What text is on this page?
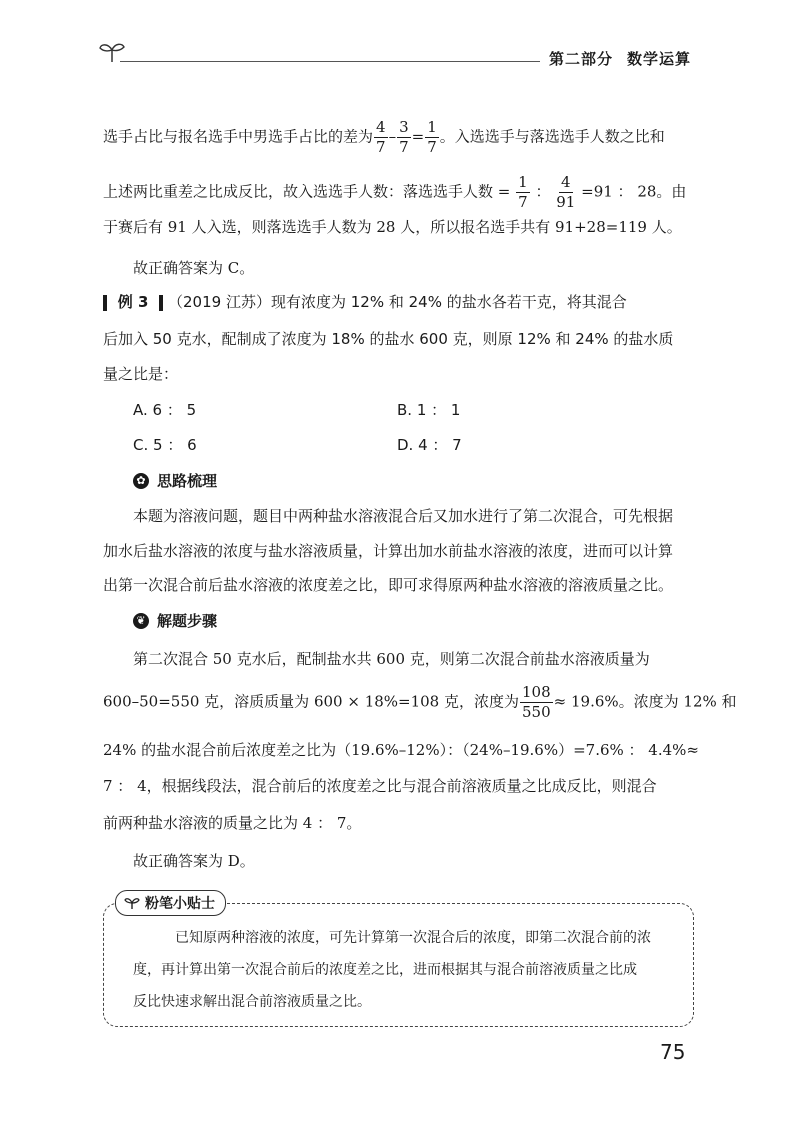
第二部分 数学运算
选手占比与报名选手中男选手占比的差为 $\frac{4}{7} - \frac{3}{7} = \frac{1}{7}$ 。入选选手与落选选手人数之比和
上述两比重差之比成反比，故入选选手人数：落选选手人数 = $\frac{1}{7}$ ： $\frac{4}{91} =91$ ： 28。由
于赛后有 91 人入选，则落选选手人数为 28 人，所以报名选手共有 91+28=119 人。
故正确答案为 C。
例 3 （2019 江苏）现有浓度为 12% 和 24% 的盐水各若干克，将其混合
后加入 50 克水，配制成了浓度为 18% 的盐水 600 克，则原 12% 和 24% 的盐水质
量之比是：
A. 6 ： 5	B. 1 ： 1
C. 5 ： 6	D. 4 ： 7
✿ 思路梳理
本题为溶液问题，题目中两种盐水溶液混合后又加水进行了第二次混合，可先根据
加水后盐水溶液的浓度与盐水溶液质量，计算出加水前盐水溶液的浓度，进而可以计算
出第一次混合前后盐水溶液的浓度差之比，即可求得原两种盐水溶液的溶液质量之比。
❦ 解题步骤
第二次混合 50 克水后，配制盐水共 600 克，则第二次混合前盐水溶液质量为
600–50=550 克，溶质质量为 600 × 18%=108 克，浓度为 $\frac{108}{550} \approx 19.6\%$。浓度为 12% 和
24% 的盐水混合前后浓度差之比为（19.6%–12%）：（24%–19.6%）=7.6% ： 4.4%≈
7 ： 4，根据线段法，混合前后的浓度差之比与混合前溶液质量之比成反比，则混合
前两种盐水溶液的质量之比为 4 ： 7。
故正确答案为 D。
粉笔小贴士
已知原两种溶液的浓度，可先计算第一次混合后的浓度，即第二次混合前的浓
度，再计算出第一次混合前后的浓度差之比，进而根据其与混合前溶液质量之比成
反比快速求解出混合前溶液质量之比。
75
